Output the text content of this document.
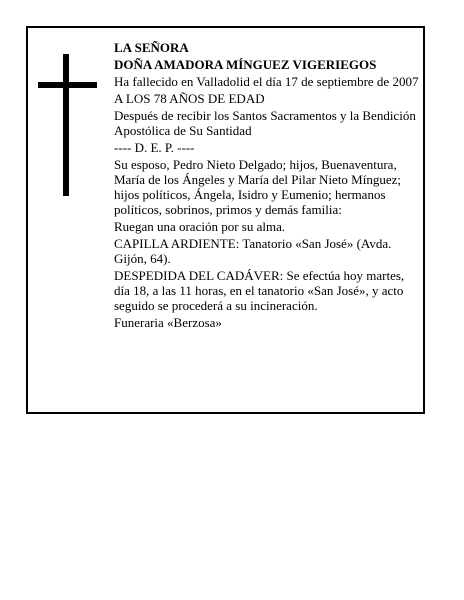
LA SEÑORA

DOÑA AMADORA MÍNGUEZ VIGERIEGOS

Ha fallecido en Valladolid el día 17 de septiembre de 2007

A LOS 78 AÑOS DE EDAD

Después de recibir los Santos Sacramentos y la Bendición Apostólica de Su Santidad

---- D. E. P. ----

Su esposo, Pedro Nieto Delgado; hijos, Buenaventura, María de los Ángeles y María del Pilar Nieto Mínguez; hijos políticos, Ángela, Isidro y Eumenio; hermanos políticos, sobrinos, primos y demás familia:

Ruegan una oración por su alma.

CAPILLA ARDIENTE: Tanatorio «San José» (Avda. Gijón, 64).

DESPEDIDA DEL CADÁVER: Se efectúa hoy martes, día 18, a las 11 horas, en el tanatorio «San José», y acto seguido se procederá a su incineración.

Funeraria «Berzosa»
